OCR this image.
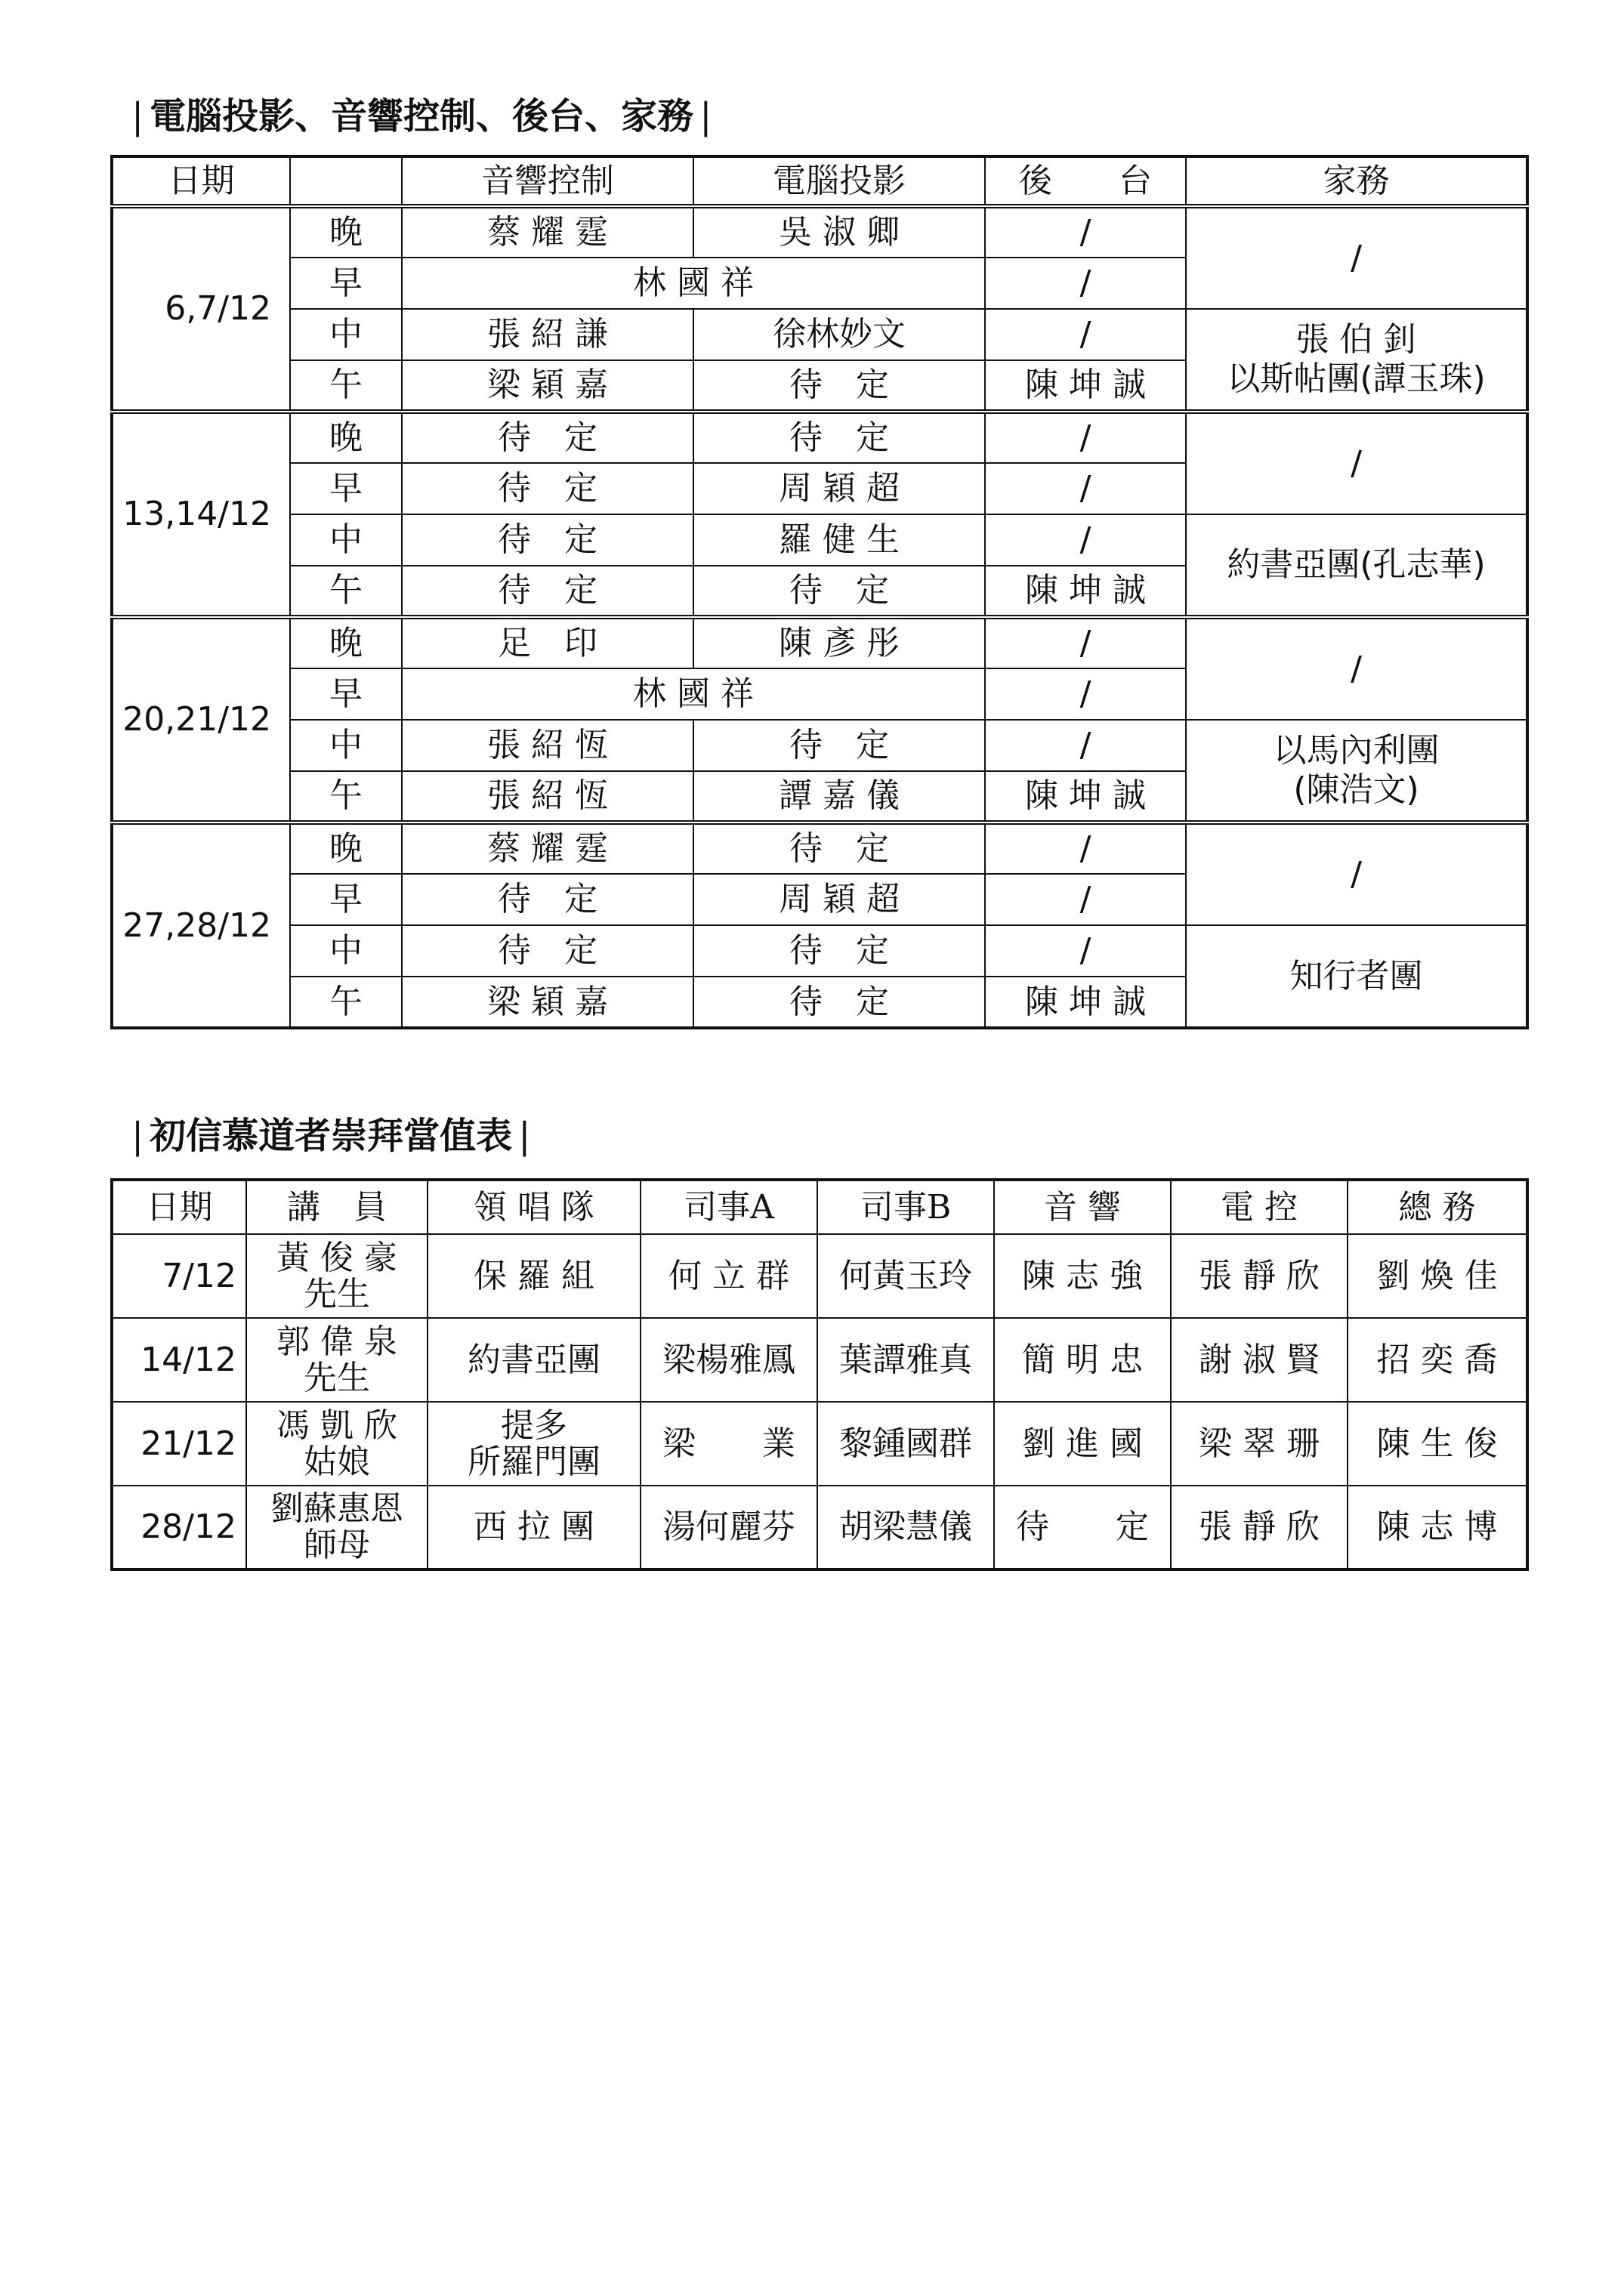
| 電腦投影、音響控制、後台、家務 |
日期		音響控制	電腦投影	後　　台	家務
6,7/12	晚	蔡 耀 霆	吳 淑 卿	/	/
	早	林 國 祥		/	
	中	張 紹 謙	徐林妙文	/	張 伯 釗
以斯帖團(譚玉珠)

	午	梁 穎 嘉	待　定	陳 坤 誠	
13,14/12	晚	待　定	待　定	/	/
	早	待　定	周 穎 超	/	
	中	待　定	羅 健 生	/	約書亞團(孔志華)

	午	待　定	待　定	陳 坤 誠	
20,21/12	晚	足　印	陳 彥 彤	/	/
	早	林 國 祥		/	
	中	張 紹 恆	待　定	/	以馬內利團
(陳浩文)

	午	張 紹 恆	譚 嘉 儀	陳 坤 誠	
27,28/12	晚	蔡 耀 霆	待　定	/	/
	早	待　定	周 穎 超	/	
	中	待　定	待　定	/	知行者團

	午	梁 穎 嘉	待　定	陳 坤 誠	
| 初信慕道者崇拜當值表 |
日期	講　員	領 唱 隊	司事A	司事B	音 響	電 控	總 務
7/12	黃 俊 豪
先生	保 羅 組	何 立 群	何黃玉玲	陳 志 強	張 靜 欣	劉 煥 佳
14/12	郭 偉 泉
先生	約書亞團	梁楊雅鳳	葉譚雅真	簡 明 忠	謝 淑 賢	招 奕 喬
21/12	馮 凱 欣
姑娘	提多
所羅門團	梁　　業	黎鍾國群	劉 進 國	梁 翠 珊	陳 生 俊
28/12	劉蘇惠恩
師母	西 拉 團	湯何麗芬	胡梁慧儀	待　　定	張 靜 欣	陳 志 博
